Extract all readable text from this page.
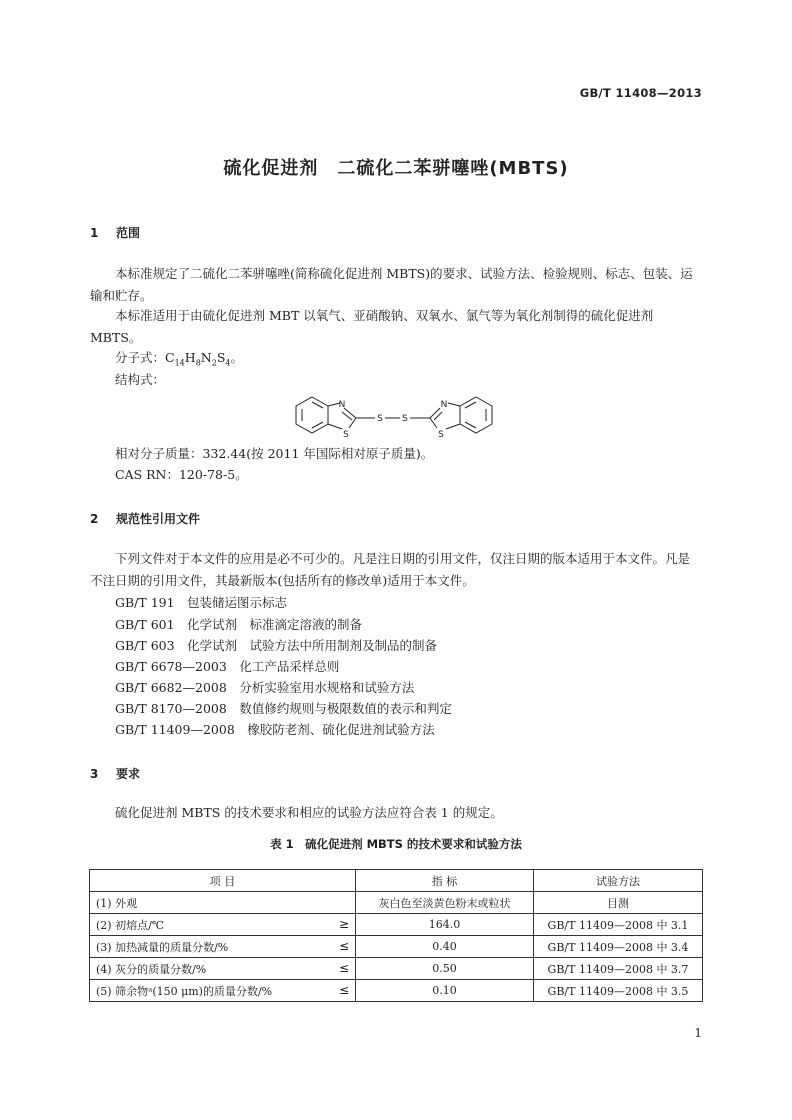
GB/T 11408—2013
硫化促进剂　二硫化二苯骈噻唑(MBTS)
1 范围
本标准规定了二硫化二苯骈噻唑(简称硫化促进剂 MBTS)的要求、试验方法、检验规则、标志、包装、运输和贮存。
本标准适用于由硫化促进剂 MBT 以氧气、亚硝酸钠、双氧水、氯气等为氧化剂制得的硫化促进剂 MBTS。
分子式：$C_{14}H_8N_2S_4$。
结构式：
N
S
S S
N
S
相对分子质量：332.44(按 2011 年国际相对原子质量)。
CAS RN：120-78-5。
2 规范性引用文件
下列文件对于本文件的应用是必不可少的。凡是注日期的引用文件，仅注日期的版本适用于本文件。凡是不注日期的引用文件，其最新版本(包括所有的修改单)适用于本文件。
GB/T 191　包装储运图示标志
GB/T 601　化学试剂　标准滴定溶液的制备
GB/T 603　化学试剂　试验方法中所用制剂及制品的制备
GB/T 6678—2003　化工产品采样总则
GB/T 6682—2008　分析实验室用水规格和试验方法
GB/T 8170—2008　数值修约规则与极限数值的表示和判定
GB/T 11409—2008　橡胶防老剂、硫化促进剂试验方法
3 要求
硫化促进剂 MBTS 的技术要求和相应的试验方法应符合表 1 的规定。
表 1　硫化促进剂 MBTS 的技术要求和试验方法
项 目	指 标	试验方法
(1) 外观	灰白色至淡黄色粉末或粒状	目测
(2) 初熔点/℃ ≥	164.0	GB/T 11409—2008 中 3.1
(3) 加热减量的质量分数/% ≤	0.40	GB/T 11409—2008 中 3.4
(4) 灰分的质量分数/% ≤	0.50	GB/T 11409—2008 中 3.7
(5) 筛余物ᵃ(150 μm)的质量分数/% ≤	0.10	GB/T 11409—2008 中 3.5
1
